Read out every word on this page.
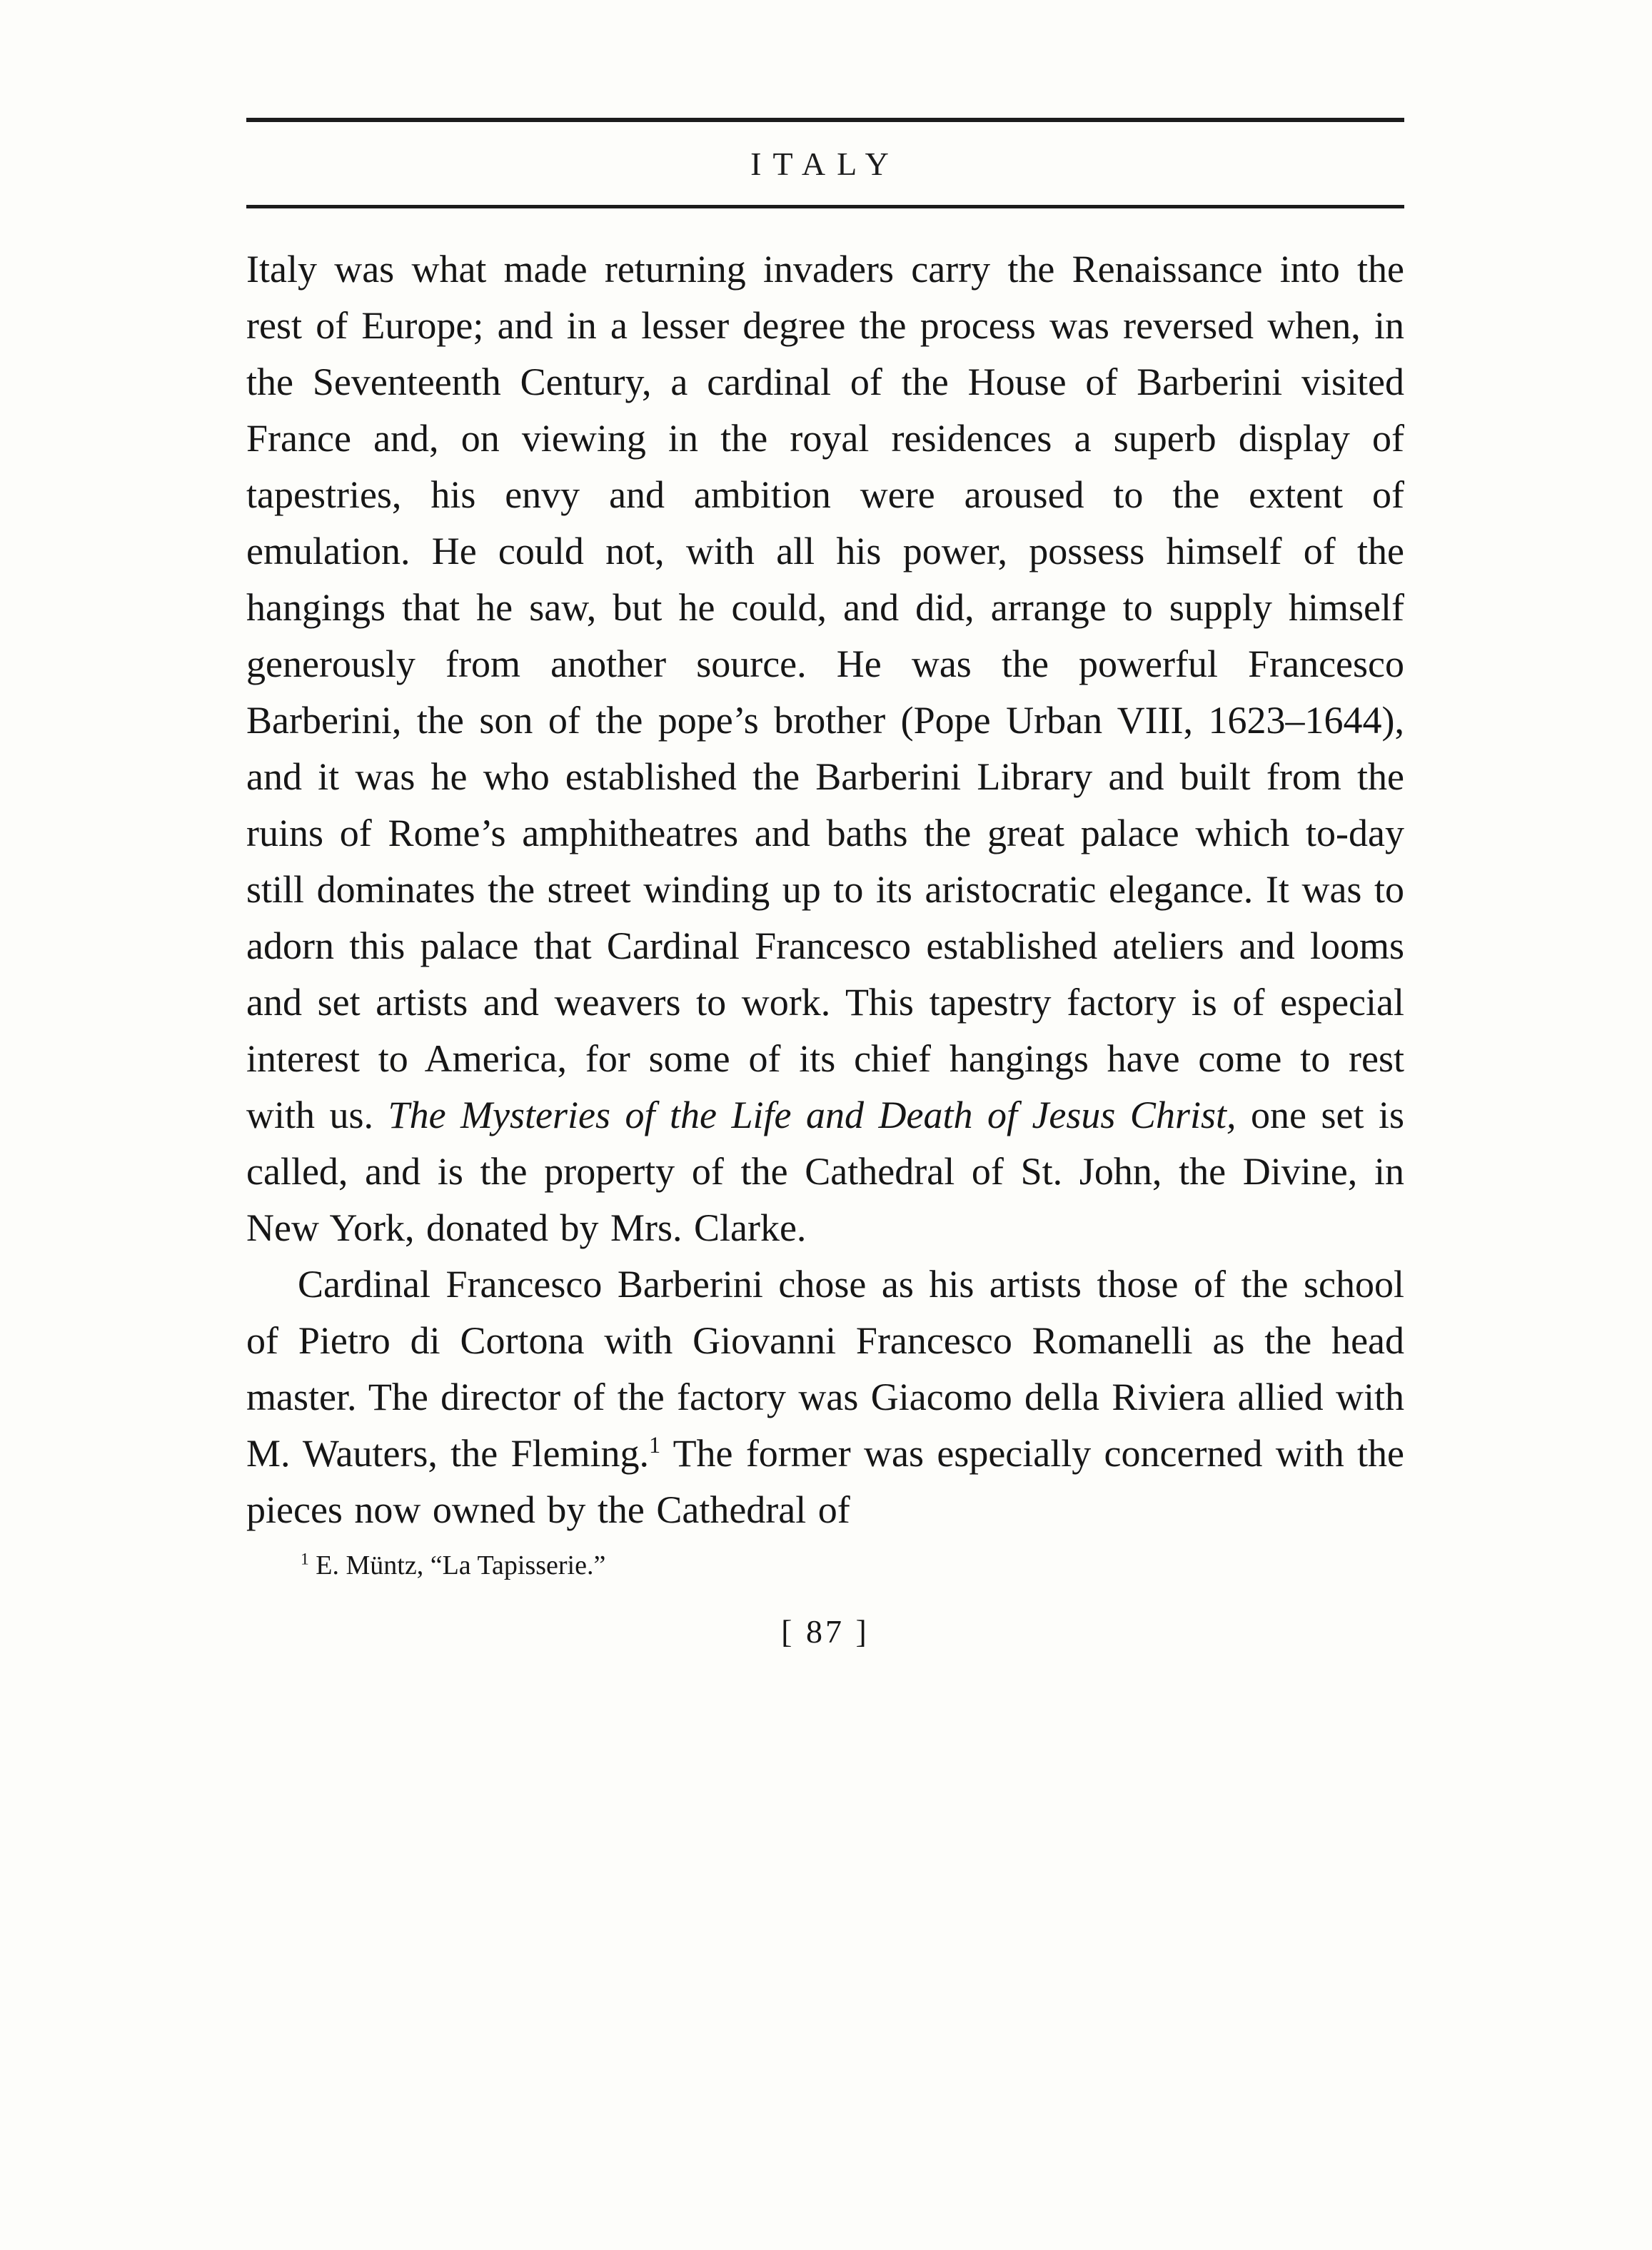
ITALY

Italy was what made returning invaders carry the Renaissance into the rest of Europe; and in a lesser degree the process was reversed when, in the Seventeenth Century, a cardinal of the House of Barberini visited France and, on viewing in the royal residences a superb display of tapestries, his envy and ambition were aroused to the extent of emulation. He could not, with all his power, possess himself of the hangings that he saw, but he could, and did, arrange to supply himself generously from another source. He was the powerful Francesco Barberini, the son of the pope’s brother (Pope Urban VIII, 1623–1644), and it was he who established the Barberini Library and built from the ruins of Rome’s amphitheatres and baths the great palace which to-day still dominates the street winding up to its aristocratic elegance. It was to adorn this palace that Cardinal Francesco established ateliers and looms and set artists and weavers to work. This tapestry factory is of especial interest to America, for some of its chief hangings have come to rest with us. The Mysteries of the Life and Death of Jesus Christ, one set is called, and is the property of the Cathedral of St. John, the Divine, in New York, donated by Mrs. Clarke.

Cardinal Francesco Barberini chose as his artists those of the school of Pietro di Cortona with Giovanni Francesco Romanelli as the head master. The director of the factory was Giacomo della Riviera allied with M. Wauters, the Fleming.$^1$ The former was especially concerned with the pieces now owned by the Cathedral of

$^1$ E. Müntz, “La Tapisserie.”

[ 87 ]
